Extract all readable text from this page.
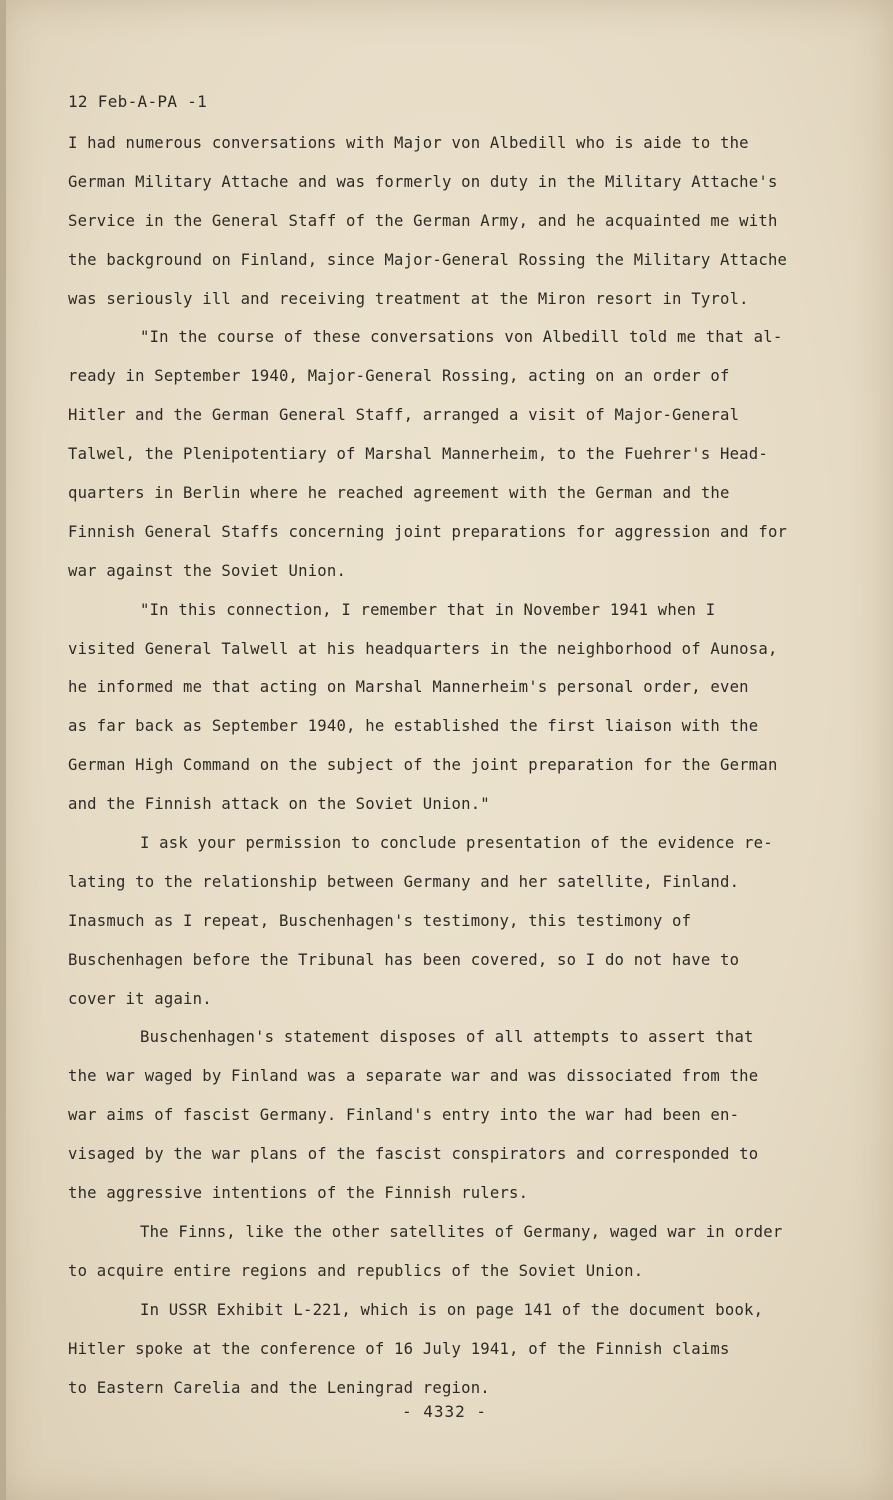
12 Feb-A-PA -1
I had numerous conversations with Major von Albedill who is aide to the
German Military Attache and was formerly on duty in the Military Attache's
Service in the General Staff of the German Army, and he acquainted me with
the background on Finland, since Major-General Rossing the Military Attache
was seriously ill and receiving treatment at the Miron resort in Tyrol.
"In the course of these conversations von Albedill told me that al-
ready in September 1940, Major-General Rossing, acting on an order of
Hitler and the German General Staff, arranged a visit of Major-General
Talwel, the Plenipotentiary of Marshal Mannerheim, to the Fuehrer's Head-
quarters in Berlin where he reached agreement with the German and the
Finnish General Staffs concerning joint preparations for aggression and for
war against the Soviet Union.
"In this connection, I remember that in November 1941 when I
visited General Talwell at his headquarters in the neighborhood of Aunosa,
he informed me that acting on Marshal Mannerheim's personal order, even
as far back as September 1940, he established the first liaison with the
German High Command on the subject of the joint preparation for the German
and the Finnish attack on the Soviet Union."
I ask your permission to conclude presentation of the evidence re-
lating to the relationship between Germany and her satellite, Finland.
Inasmuch as I repeat, Buschenhagen's testimony, this testimony of
Buschenhagen before the Tribunal has been covered, so I do not have to
cover it again.
Buschenhagen's statement disposes of all attempts to assert that
the war waged by Finland was a separate war and was dissociated from the
war aims of fascist Germany. Finland's entry into the war had been en-
visaged by the war plans of the fascist conspirators and corresponded to
the aggressive intentions of the Finnish rulers.
The Finns, like the other satellites of Germany, waged war in order
to acquire entire regions and republics of the Soviet Union.
In USSR Exhibit L-221, which is on page 141 of the document book,
Hitler spoke at the conference of 16 July 1941, of the Finnish claims
to Eastern Carelia and the Leningrad region.
- 4332 -
